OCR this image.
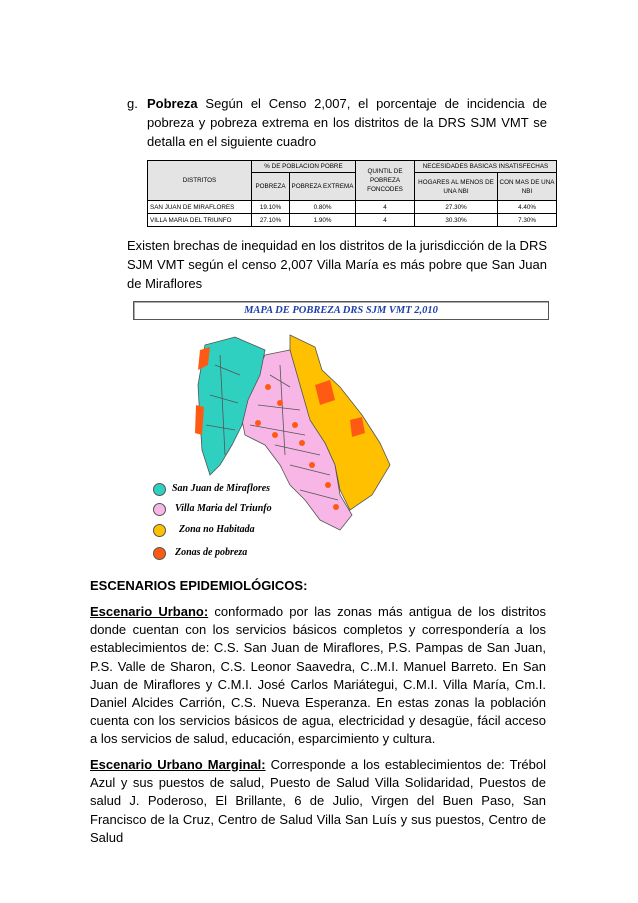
g. Pobreza Según el Censo 2,007, el porcentaje de incidencia de pobreza y pobreza extrema en los distritos de la DRS SJM VMT se detalla en el siguiente cuadro
DISTRITOS	% DE POBLACION POBRE		QUINTIL DE POBREZA FONCODES	NECESIDADES BASICAS INSATISFECHAS	
	POBREZA	POBREZA EXTREMA		HOGARES AL MENOS DE UNA NBI	CON MAS DE UNA NBI
SAN JUAN DE MIRAFLORES	19.10%	0.80%	4	27.30%	4.40%
VILLA MARIA DEL TRIUNFO	27.10%	1.90%	4	30.30%	7.30%
Existen brechas de inequidad en los distritos de la jurisdicción de la DRS SJM VMT según el censo 2,007 Villa María es más pobre que San Juan de Miraflores
MAPA DE POBREZA DRS SJM VMT 2,010
San Juan de Miraflores
Villa Maria del Triunfo
Zona no Habitada
Zonas de pobreza
ESCENARIOS EPIDEMIOLÓGICOS:
Escenario Urbano: conformado por las zonas más antigua de los distritos donde cuentan con los servicios básicos completos y correspondería a los establecimientos de: C.S. San Juan de Miraflores, P.S. Pampas de San Juan, P.S. Valle de Sharon, C.S. Leonor Saavedra, C..M.I. Manuel Barreto. En San Juan de Miraflores y C.M.I. José Carlos Mariátegui, C.M.I. Villa María, Cm.I. Daniel Alcides Carrión, C.S. Nueva Esperanza. En estas zonas la población cuenta con los servicios básicos de agua, electricidad y desagüe, fácil acceso a los servicios de salud, educación, esparcimiento y cultura.
Escenario Urbano Marginal: Corresponde a los establecimientos de: Trébol Azul y sus puestos de salud, Puesto de Salud Villa Solidaridad, Puestos de salud J. Poderoso, El Brillante, 6 de Julio, Virgen del Buen Paso, San Francisco de la Cruz, Centro de Salud Villa San Luís y sus puestos, Centro de Salud
